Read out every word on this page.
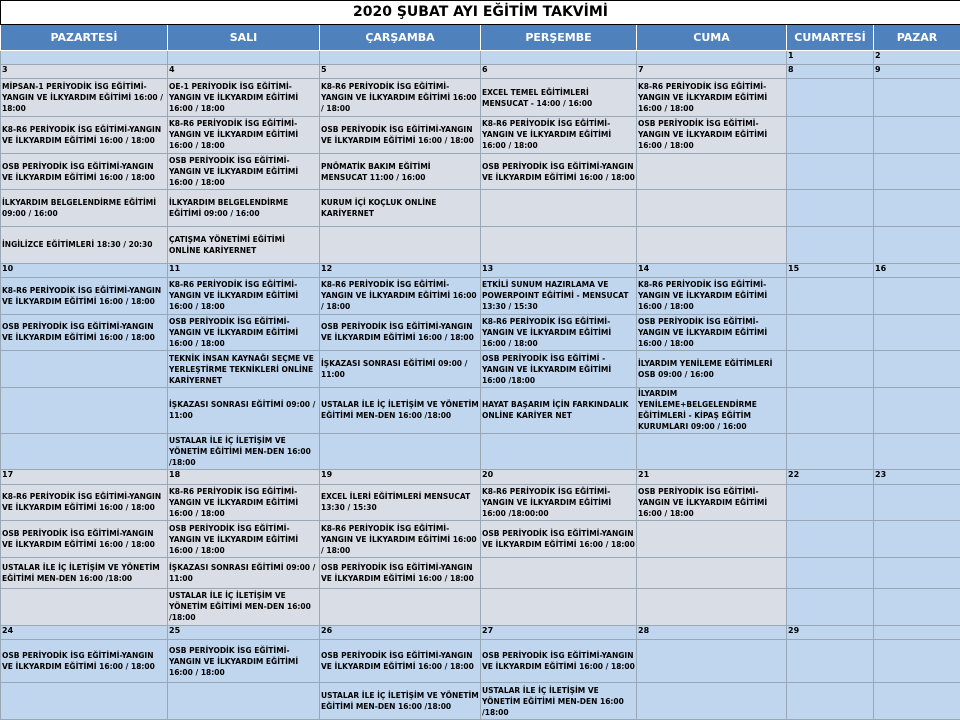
2020 ŞUBAT AYI EĞİTİM TAKVİMİ						
PAZARTESİ	SALI	ÇARŞAMBA	PERŞEMBE	CUMA	CUMARTESİ	PAZAR
					1	2
3	4	5	6	7	8	9
MİPSAN-1 PERİYODİK İSG EĞİTİMİ-YANGIN VE İLKYARDIM EĞİTİMİ 16:00 / 18:00	OE-1 PERİYODİK İSG EĞİTİMİ-YANGIN VE İLKYARDIM EĞİTİMİ 16:00 / 18:00	K8-R6 PERİYODİK İSG EĞİTİMİ-YANGIN VE İLKYARDIM EĞİTİMİ 16:00 / 18:00	EXCEL TEMEL EĞİTİMLERİ MENSUCAT - 14:00 / 16:00	K8-R6 PERİYODİK İSG EĞİTİMİ-YANGIN VE İLKYARDIM EĞİTİMİ 16:00 / 18:00		
K8-R6 PERİYODİK İSG EĞİTİMİ-YANGIN VE İLKYARDIM EĞİTİMİ 16:00 / 18:00	K8-R6 PERİYODİK İSG EĞİTİMİ-YANGIN VE İLKYARDIM EĞİTİMİ 16:00 / 18:00	OSB PERİYODİK İSG EĞİTİMİ-YANGIN VE İLKYARDIM EĞİTİMİ 16:00 / 18:00	K8-R6 PERİYODİK İSG EĞİTİMİ-YANGIN VE İLKYARDIM EĞİTİMİ 16:00 / 18:00	OSB PERİYODİK İSG EĞİTİMİ-YANGIN VE İLKYARDIM EĞİTİMİ 16:00 / 18:00		
OSB PERİYODİK İSG EĞİTİMİ-YANGIN VE İLKYARDIM EĞİTİMİ 16:00 / 18:00	OSB PERİYODİK İSG EĞİTİMİ-YANGIN VE İLKYARDIM EĞİTİMİ 16:00 / 18:00	PNÖMATİK BAKIM EĞİTİMİ MENSUCAT 11:00 / 16:00	OSB PERİYODİK İSG EĞİTİMİ-YANGIN VE İLKYARDIM EĞİTİMİ 16:00 / 18:00			
İLKYARDIM BELGELENDİRME EĞİTİMİ 09:00 / 16:00	İLKYARDIM BELGELENDİRME EĞİTİMİ 09:00 / 16:00	KURUM İÇİ KOÇLUK ONLİNE KARİYERNET				
İNGİLİZCE EĞİTİMLERİ 18:30 / 20:30	ÇATIŞMA YÖNETİMİ EĞİTİMİ ONLİNE KARİYERNET					
10	11	12	13	14	15	16
K8-R6 PERİYODİK İSG EĞİTİMİ-YANGIN VE İLKYARDIM EĞİTİMİ 16:00 / 18:00	K8-R6 PERİYODİK İSG EĞİTİMİ-YANGIN VE İLKYARDIM EĞİTİMİ 16:00 / 18:00	K8-R6 PERİYODİK İSG EĞİTİMİ-YANGIN VE İLKYARDIM EĞİTİMİ 16:00 / 18:00	ETKİLİ SUNUM HAZIRLAMA VE POWERPOINT EĞİTİMİ - MENSUCAT 13:30 / 15:30	K8-R6 PERİYODİK İSG EĞİTİMİ-YANGIN VE İLKYARDIM EĞİTİMİ 16:00 / 18:00		
OSB PERİYODİK İSG EĞİTİMİ-YANGIN VE İLKYARDIM EĞİTİMİ 16:00 / 18:00	OSB PERİYODİK İSG EĞİTİMİ-YANGIN VE İLKYARDIM EĞİTİMİ 16:00 / 18:00	OSB PERİYODİK İSG EĞİTİMİ-YANGIN VE İLKYARDIM EĞİTİMİ 16:00 / 18:00	K8-R6 PERİYODİK İSG EĞİTİMİ-YANGIN VE İLKYARDIM EĞİTİMİ 16:00 / 18:00	OSB PERİYODİK İSG EĞİTİMİ-YANGIN VE İLKYARDIM EĞİTİMİ 16:00 / 18:00		
	TEKNİK İNSAN KAYNAĞI SEÇME VE YERLEŞTİRME TEKNİKLERİ ONLİNE KARİYERNET	İŞKAZASI SONRASI EĞİTİMİ 09:00 / 11:00	OSB PERİYODİK İSG EĞİTİMİ -YANGIN VE İLKYARDIM EĞİTİMİ 16:00 /18:00	İLYARDIM YENİLEME EĞİTİMLERİ OSB 09:00 / 16:00		
	İŞKAZASI SONRASI EĞİTİMİ 09:00 / 11:00	USTALAR İLE İÇ İLETİŞİM VE YÖNETİM EĞİTİMİ MEN-DEN 16:00 /18:00	HAYAT BAŞARIM İÇİN FARKINDALIK ONLİNE KARİYER NET	İLYARDIM YENİLEME+BELGELENDİRME EĞİTİMLERİ - KİPAŞ EĞİTİM KURUMLARI 09:00 / 16:00		
	USTALAR İLE İÇ İLETİŞİM VE YÖNETİM EĞİTİMİ MEN-DEN 16:00 /18:00					
17	18	19	20	21	22	23
K8-R6 PERİYODİK İSG EĞİTİMİ-YANGIN VE İLKYARDIM EĞİTİMİ 16:00 / 18:00	K8-R6 PERİYODİK İSG EĞİTİMİ-YANGIN VE İLKYARDIM EĞİTİMİ 16:00 / 18:00	EXCEL İLERİ EĞİTİMLERİ MENSUCAT 13:30 / 15:30	K8-R6 PERİYODİK İSG EĞİTİMİ-YANGIN VE İLKYARDIM EĞİTİMİ 16:00 /18:00:00	OSB PERİYODİK İSG EĞİTİMİ-YANGIN VE İLKYARDIM EĞİTİMİ 16:00 / 18:00		
OSB PERİYODİK İSG EĞİTİMİ-YANGIN VE İLKYARDIM EĞİTİMİ 16:00 / 18:00	OSB PERİYODİK İSG EĞİTİMİ-YANGIN VE İLKYARDIM EĞİTİMİ 16:00 / 18:00	K8-R6 PERİYODİK İSG EĞİTİMİ-YANGIN VE İLKYARDIM EĞİTİMİ 16:00 / 18:00	OSB PERİYODİK İSG EĞİTİMİ-YANGIN VE İLKYARDIM EĞİTİMİ 16:00 / 18:00			
USTALAR İLE İÇ İLETİŞİM VE YÖNETİM EĞİTİMİ MEN-DEN 16:00 /18:00	İŞKAZASI SONRASI EĞİTİMİ 09:00 / 11:00	OSB PERİYODİK İSG EĞİTİMİ-YANGIN VE İLKYARDIM EĞİTİMİ 16:00 / 18:00				
	USTALAR İLE İÇ İLETİŞİM VE YÖNETİM EĞİTİMİ MEN-DEN 16:00 /18:00					
24	25	26	27	28	29	
OSB PERİYODİK İSG EĞİTİMİ-YANGIN VE İLKYARDIM EĞİTİMİ 16:00 / 18:00	OSB PERİYODİK İSG EĞİTİMİ-YANGIN VE İLKYARDIM EĞİTİMİ 16:00 / 18:00	OSB PERİYODİK İSG EĞİTİMİ-YANGIN VE İLKYARDIM EĞİTİMİ 16:00 / 18:00	OSB PERİYODİK İSG EĞİTİMİ-YANGIN VE İLKYARDIM EĞİTİMİ 16:00 / 18:00			
		USTALAR İLE İÇ İLETİŞİM VE YÖNETİM EĞİTİMİ MEN-DEN 16:00 /18:00	USTALAR İLE İÇ İLETİŞİM VE YÖNETİM EĞİTİMİ MEN-DEN 16:00 /18:00			
